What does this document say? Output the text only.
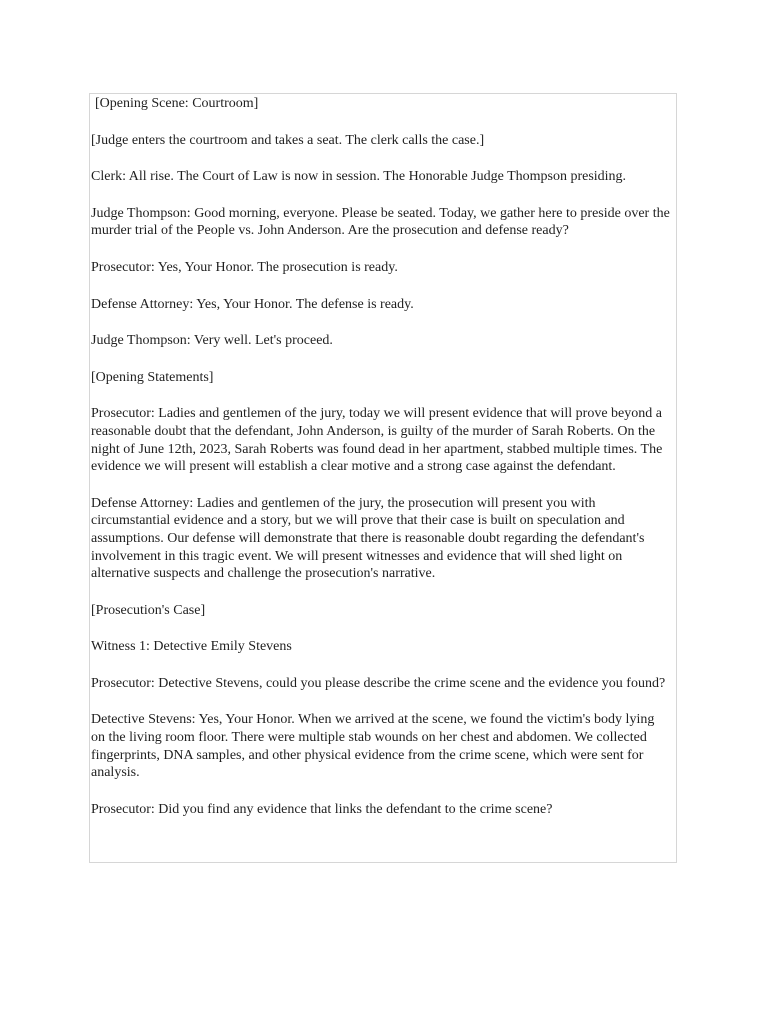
[Opening Scene: Courtroom]

[Judge enters the courtroom and takes a seat. The clerk calls the case.]

Clerk: All rise. The Court of Law is now in session. The Honorable Judge Thompson presiding.

Judge Thompson: Good morning, everyone. Please be seated. Today, we gather here to preside over the murder trial of the People vs. John Anderson. Are the prosecution and defense ready?

Prosecutor: Yes, Your Honor. The prosecution is ready.

Defense Attorney: Yes, Your Honor. The defense is ready.

Judge Thompson: Very well. Let's proceed.

[Opening Statements]

Prosecutor: Ladies and gentlemen of the jury, today we will present evidence that will prove beyond a reasonable doubt that the defendant, John Anderson, is guilty of the murder of Sarah Roberts. On the night of June 12th, 2023, Sarah Roberts was found dead in her apartment, stabbed multiple times. The evidence we will present will establish a clear motive and a strong case against the defendant.

Defense Attorney: Ladies and gentlemen of the jury, the prosecution will present you with circumstantial evidence and a story, but we will prove that their case is built on speculation and assumptions. Our defense will demonstrate that there is reasonable doubt regarding the defendant's involvement in this tragic event. We will present witnesses and evidence that will shed light on alternative suspects and challenge the prosecution's narrative.

[Prosecution's Case]

Witness 1: Detective Emily Stevens

Prosecutor: Detective Stevens, could you please describe the crime scene and the evidence you found?

Detective Stevens: Yes, Your Honor. When we arrived at the scene, we found the victim's body lying on the living room floor. There were multiple stab wounds on her chest and abdomen. We collected fingerprints, DNA samples, and other physical evidence from the crime scene, which were sent for analysis.

Prosecutor: Did you find any evidence that links the defendant to the crime scene?
